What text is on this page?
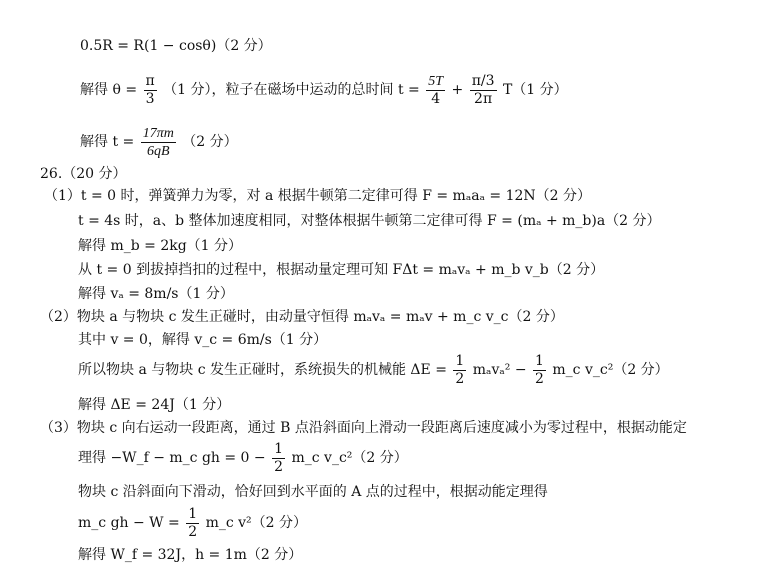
0.5R = R(1 − cosθ)（2 分）
解得 $\theta = \frac{\pi}{3} (1$ 分），粒子在磁场中运动的总时间 $t = \frac{5T}{4} + \frac{\pi/3}{2\pi} T(1$ 分）
解得 $t = \frac{17\pi m}{6qB} (2$ 分）
26.（20 分）
（1）t = 0 时，弹簧弹力为零，对 a 根据牛顿第二定律可得 F = mₐaₐ = 12N（2 分）
t = 4s 时，a、b 整体加速度相同，对整体根据牛顿第二定律可得 F = (mₐ + m_b)a（2 分）
解得 m_b = 2kg（1 分）
从 t = 0 到拔掉挡扣的过程中，根据动量定理可知 FΔt = mₐvₐ + m_b v_b（2 分）
解得 vₐ = 8m/s（1 分）
（2）物块 a 与物块 c 发生正碰时，由动量守恒得 mₐvₐ = mₐv + m_c v_c（2 分）
其中 v = 0，解得 v_c = 6m/s（1 分）
所以物块 a 与物块 c 发生正碰时，系统损失的机械能 $\Delta E = \frac{1}{2} m_av_a^2 - \frac{1}{2}$ m_c v_c²（2 分）
解得 ΔE = 24J（1 分）
（3）物块 c 向右运动一段距离，通过 B 点沿斜面向上滑动一段距离后速度减小为零过程中，根据动能定
理得 −W_f − m_c gh = $0 - \frac{1}{2}$ m_c v_c²（2 分）
物块 c 沿斜面向下滑动，恰好回到水平面的 A 点的过程中，根据动能定理得
m_c gh − $W = \frac{1}{2}$ m_c v²（2 分）
解得 W_f = 32J，h = 1m（2 分）
